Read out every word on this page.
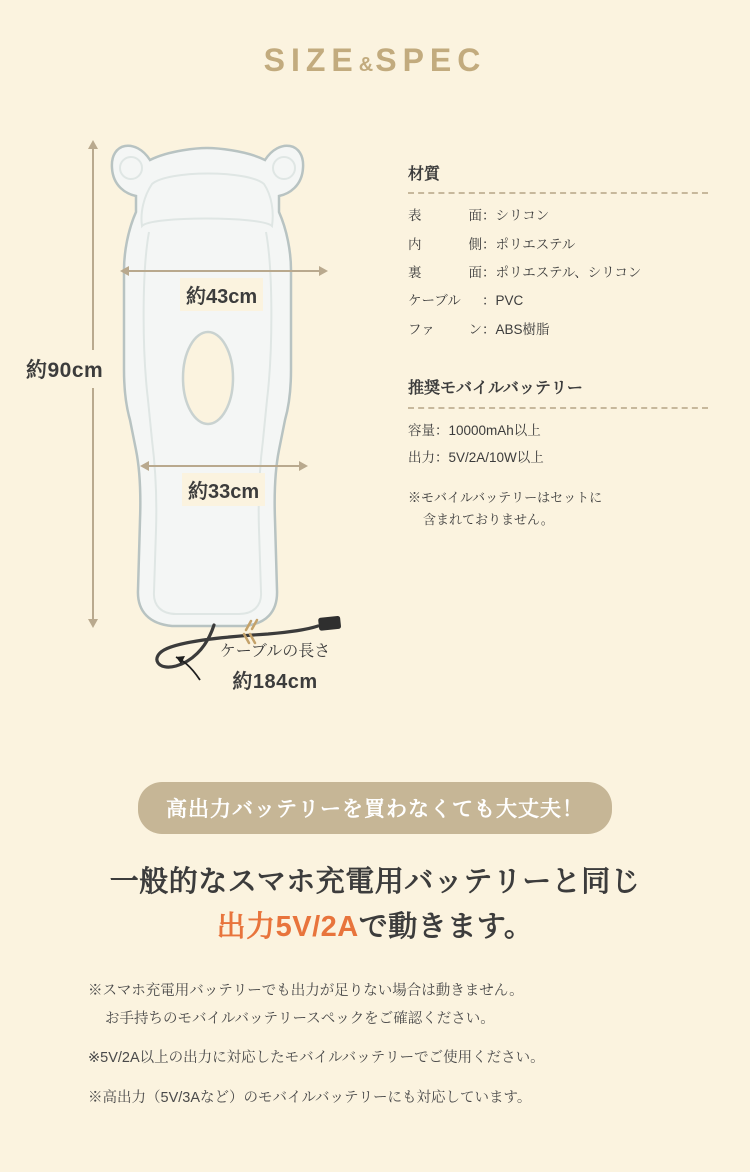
SIZE&SPEC
約90cm
約43cm
約33cm
ケーブルの長さ
約184cm
材質
表	面 ：シリコン
内	側 ：ポリエステル
裏	面 ：ポリエステル、シリコン
ケーブル ：PVC
ファ	ン ：ABS樹脂
推奨モバイルバッテリー
容量：10000mAh以上
出力：5V/2A/10W以上
※モバイルバッテリーはセットに
含まれておりません。
高出力バッテリーを買わなくても大丈夫！
一般的なスマホ充電用バッテリーと同じ
出力5V/2Aで動きます。

※スマホ充電用バッテリーでも出力が足りない場合は動きません。
お手持ちのモバイルバッテリースペックをご確認ください。

※5V/2A以上の出力に対応したモバイルバッテリーでご使用ください。

※高出力（5V/3Aなど）のモバイルバッテリーにも対応しています。
